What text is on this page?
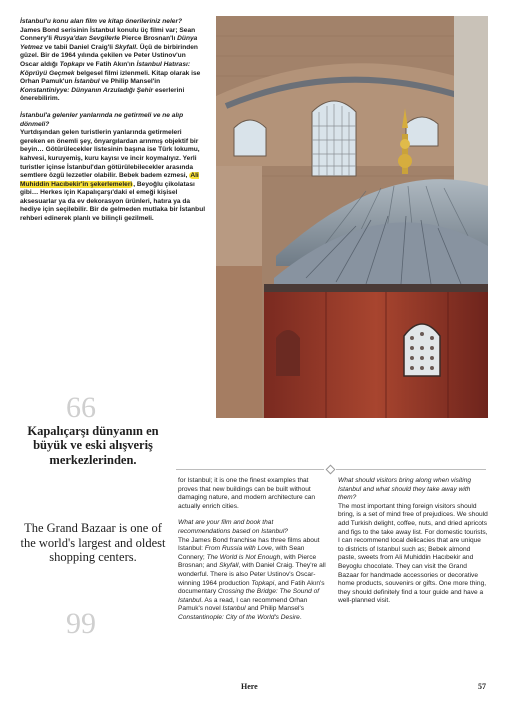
İstanbul'u konu alan film ve kitap önerileriniz neler?

James Bond serisinin İstanbul konulu üç filmi var; Sean Connery'li Rusya'dan Sevgilerle Pierce Brosnan'lı Dünya Yetmez ve tabii Daniel Craig'li Skyfall. Üçü de birbirinden güzel. Bir de 1964 yılında çekilen ve Peter Ustinov'un Oscar aldığı Topkapı ve Fatih Akın'ın İstanbul Hatırası: Köprüyü Geçmek belgesel filmi izlenmeli. Kitap olarak ise Orhan Pamuk'un İstanbul ve Philip Mansel'in Konstantiniyye: Dünyanın Arzuladığı Şehir eserlerini önerebilirim.

İstanbul'a gelenler yanlarında ne getirmeli ve ne alıp dönmeli?

Yurtdışından gelen turistlerin yanlarında getirmeleri gereken en önemli şey, önyargılardan arınmış objektif bir beyin… Götürülecekler listesinin başına ise Türk lokumu, kahvesi, kuruyemiş, kuru kayısı ve incir koymalıyız. Yerli turistler içinse İstanbul'dan götürülebilecekler arasında semtlere özgü lezzetler olabilir. Bebek badem ezmesi, Ali Muhiddin Hacıbekir'in şekerlemeleri, Beyoğlu çikolatası gibi… Herkes için Kapalıçarşı'daki el emeği kişisel aksesuarlar ya da ev dekorasyon ürünleri, hatıra ya da hediye için seçilebilir. Bir de gelmeden mutlaka bir İstanbul rehberi edinerek planlı ve bilinçli gezilmeli.

66
Kapalıçarşı dünyanın en büyük ve eski alışveriş merkezlerinden.
The Grand Bazaar is one of the world's largest and oldest shopping centers.
99

for Istanbul; it is one the finest examples that proves that new buildings can be built without damaging nature, and modern architecture can actually enrich cities.

What are your film and book that recommendations based on Istanbul?

The James Bond franchise has three films about Istanbul: From Russia with Love, with Sean Connery; The World is Not Enough, with Pierce Brosnan; and Skyfall, with Daniel Craig. They're all wonderful. There is also Peter Ustinov's Oscar-winning 1964 production Topkapi, and Fatih Akın's documentary Crossing the Bridge: The Sound of Istanbul. As a read, I can recommend Orhan Pamuk's novel Istanbul and Philip Mansel's Constantinople: City of the World's Desire.

What should visitors bring along when visiting Istanbul and what should they take away with them?

The most important thing foreign visitors should bring, is a set of mind free of prejudices. We should add Turkish delight, coffee, nuts, and dried apricots and figs to the take away list. For domestic tourists, I can recommend local delicacies that are unique to districts of Istanbul such as; Bebek almond paste, sweets from Ali Muhiddin Hacıbekir and Beyoglu chocolate. They can visit the Grand Bazaar for handmade accessories or decorative home products, souvenirs or gifts. One more thing, they should definitely find a tour guide and have a well-planned visit.

Here	57
